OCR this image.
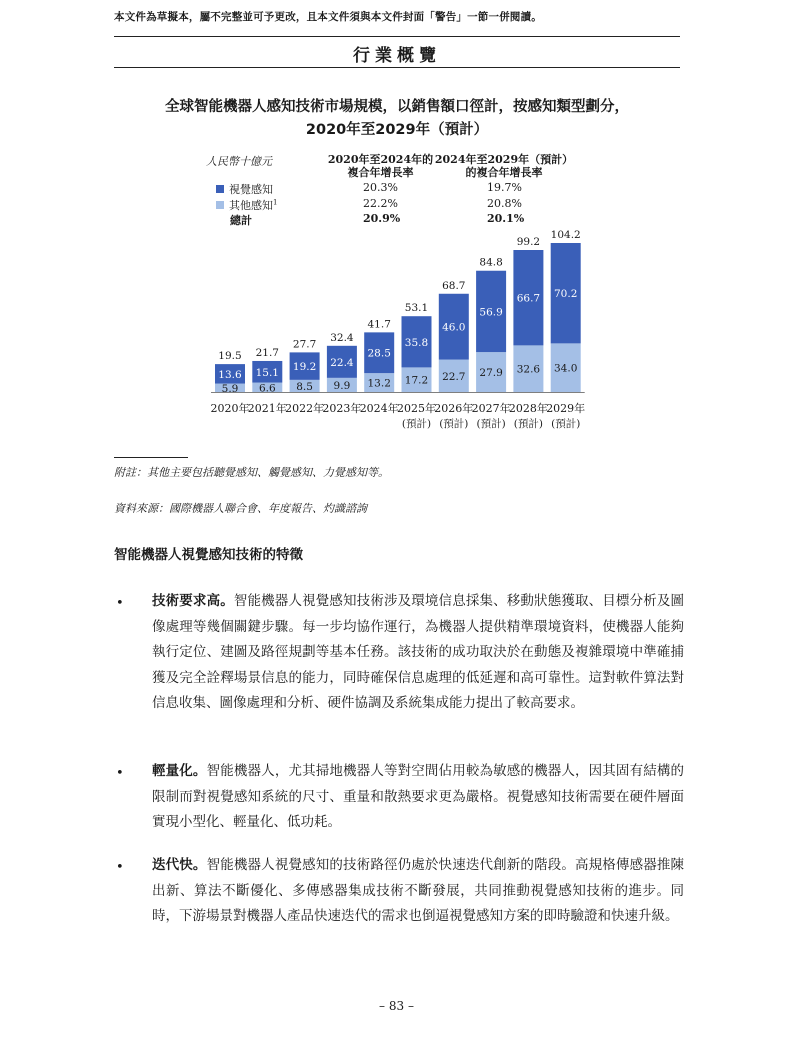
本文件為草擬本，屬不完整並可予更改，且本文件須與本文件封面「警告」一節一併閱讀。
行業概覽
全球智能機器人感知技術市場規模，以銷售額口徑計，按感知類型劃分，
2020年至2029年（預計）
人民幣十億元	2020年至2024年的
複合年增長率
2024年至2029年（預計）
的複合年增長率
視覺感知	20.3%	19.7%
其他感知$^1$	22.2%	20.8%
總計	20.9%	20.1%
5.9
13.6
19.5
2020年
6.6
15.1
21.7
2021年
8.5
19.2
27.7
2022年
9.9
22.4
32.4
2023年
13.2
28.5
41.7
2024年
17.2
35.8
53.1
2025年
(預計)
22.7
46.0
68.7
2026年
(預計)
27.9
56.9
84.8
2027年
(預計)
32.6
66.7
99.2
2028年
(預計)
34.0
70.2
104.2
2029年
(預計)
附註：其他主要包括聽覺感知、觸覺感知、力覺感知等。
資料來源：國際機器人聯合會、年度報告、灼識諮詢
智能機器人視覺感知技術的特徵
• 技術要求高。智能機器人視覺感知技術涉及環境信息採集、移動狀態獲取、目標分析及圖像處理等幾個關鍵步驟。每一步均協作運行，為機器人提供精準環境資料，使機器人能夠執行定位、建圖及路徑規劃等基本任務。該技術的成功取決於在動態及複雜環境中準確捕獲及完全詮釋場景信息的能力，同時確保信息處理的低延遲和高可靠性。這對軟件算法對信息收集、圖像處理和分析、硬件協調及系統集成能力提出了較高要求。
• 輕量化。智能機器人，尤其掃地機器人等對空間佔用較為敏感的機器人，因其固有結構的限制而對視覺感知系統的尺寸、重量和散熱要求更為嚴格。視覺感知技術需要在硬件層面實現小型化、輕量化、低功耗。
• 迭代快。智能機器人視覺感知的技術路徑仍處於快速迭代創新的階段。高規格傳感器推陳出新、算法不斷優化、多傳感器集成技術不斷發展，共同推動視覺感知技術的進步。同時，下游場景對機器人產品快速迭代的需求也倒逼視覺感知方案的即時驗證和快速升級。
– 83 –
